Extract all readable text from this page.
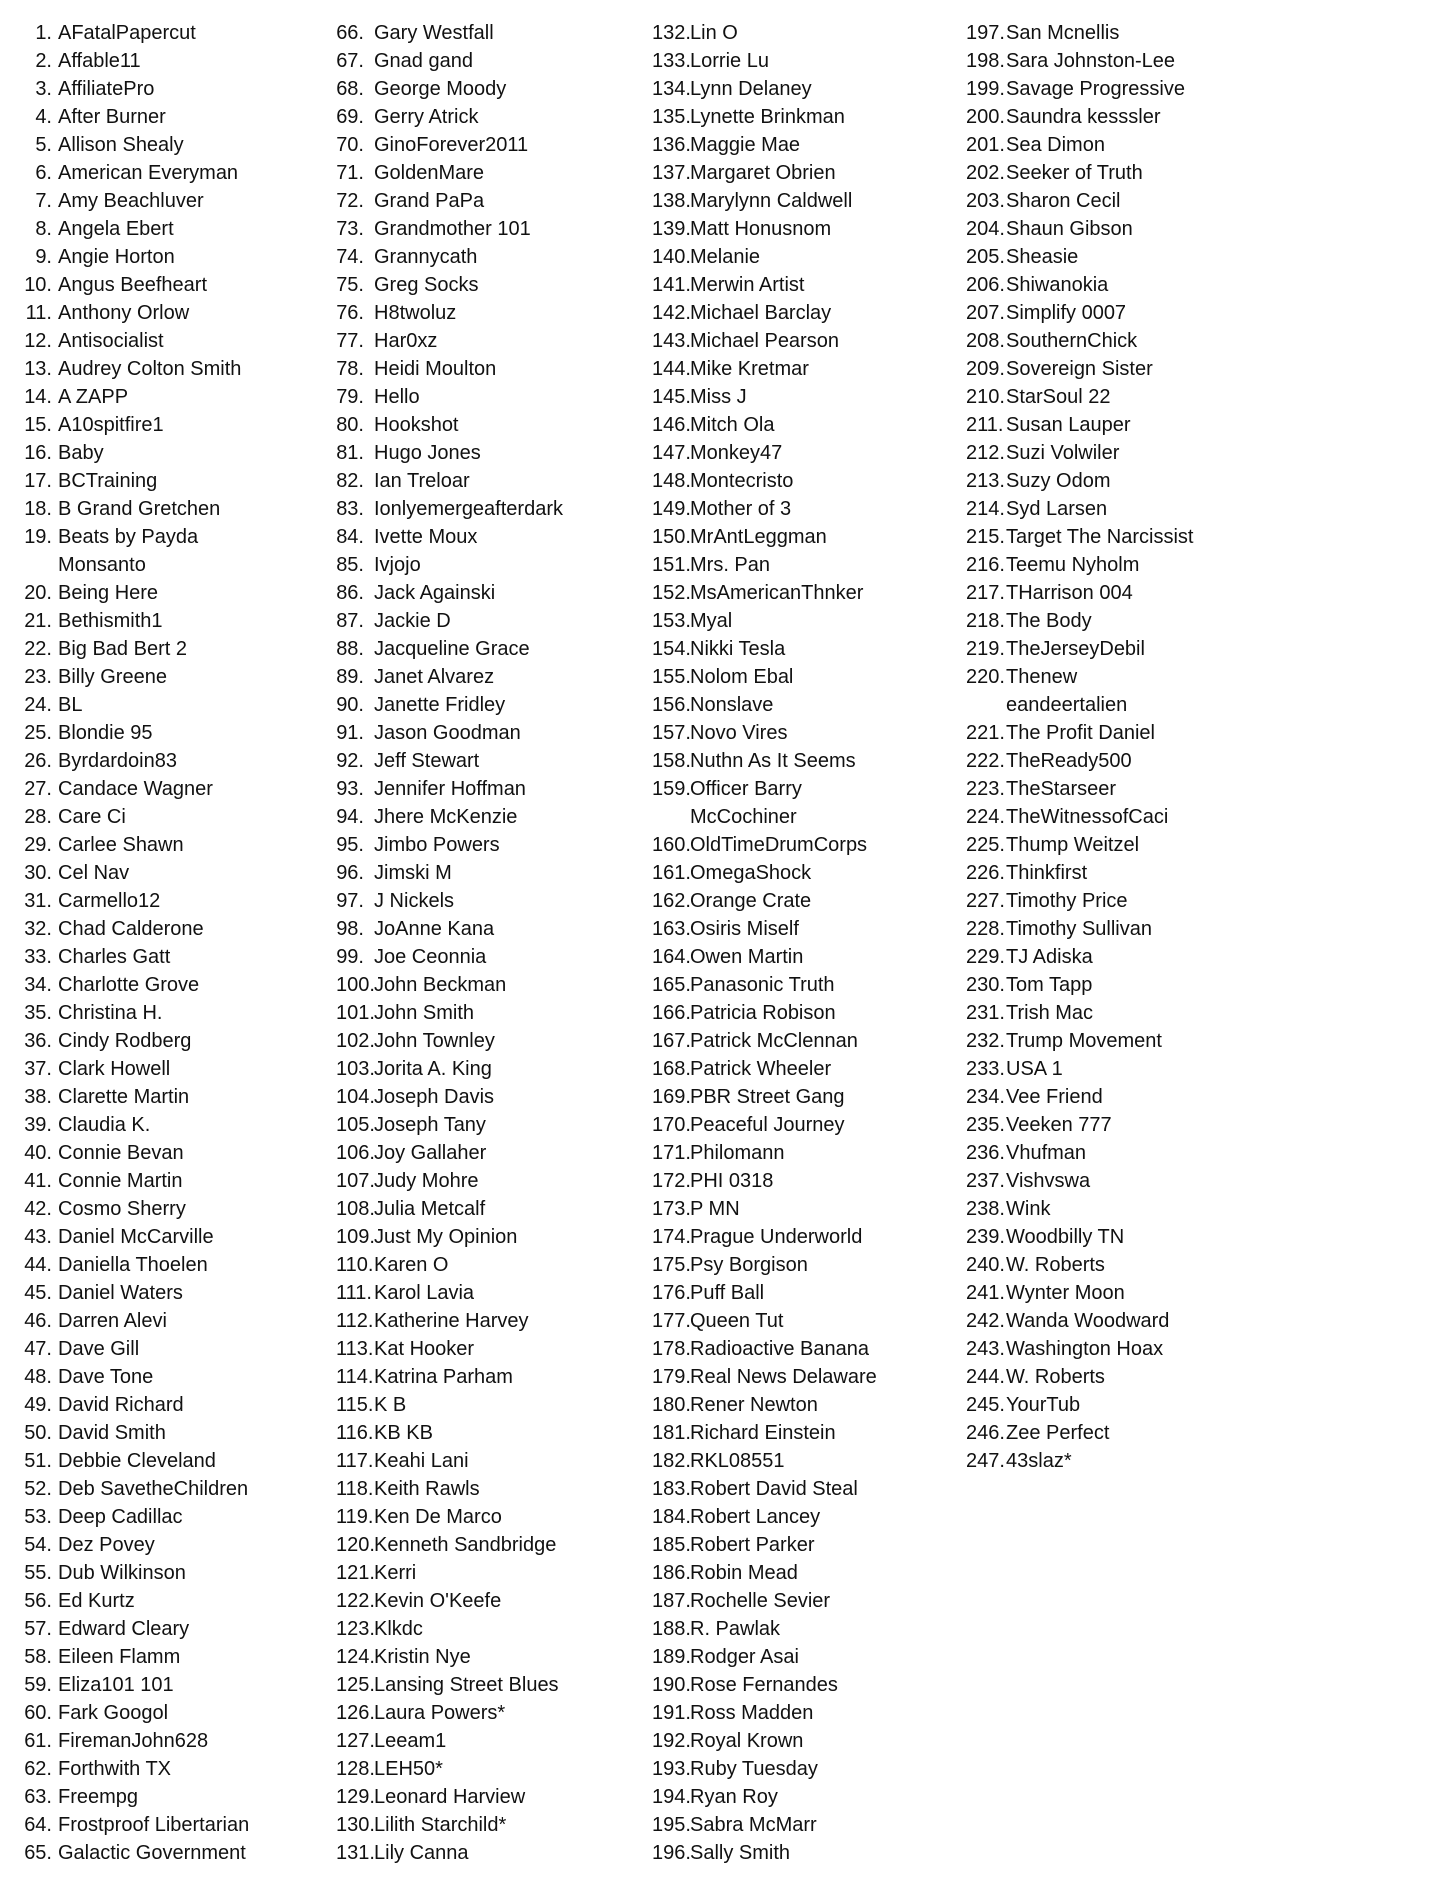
1. AFatalPapercut
2. Affable11
3. AffiliatePro
4. After Burner
5. Allison Shealy
6. American Everyman
7. Amy Beachluver
8. Angela Ebert
9. Angie Horton
10. Angus Beefheart
11. Anthony Orlow
12. Antisocialist
13. Audrey Colton Smith
14. A ZAPP
15. A10spitfire1
16. Baby
17. BCTraining
18. B Grand Gretchen
19. Beats by Payda
Monsanto
20. Being Here
21. Bethismith1
22. Big Bad Bert 2
23. Billy Greene
24. BL
25. Blondie 95
26. Byrdardoin83
27. Candace Wagner
28. Care Ci
29. Carlee Shawn
30. Cel Nav
31. Carmello12
32. Chad Calderone
33. Charles Gatt
34. Charlotte Grove
35. Christina H.
36. Cindy Rodberg
37. Clark Howell
38. Clarette Martin
39. Claudia K.
40. Connie Bevan
41. Connie Martin
42. Cosmo Sherry
43. Daniel McCarville
44. Daniella Thoelen
45. Daniel Waters
46. Darren Alevi
47. Dave Gill
48. Dave Tone
49. David Richard
50. David Smith
51. Debbie Cleveland
52. Deb SavetheChildren
53. Deep Cadillac
54. Dez Povey
55. Dub Wilkinson
56. Ed Kurtz
57. Edward Cleary
58. Eileen Flamm
59. Eliza101 101
60. Fark Googol
61. FiremanJohn628
62. Forthwith TX
63. Freempg
64. Frostproof Libertarian
65. Galactic Government
66. Gary Westfall
67. Gnad gand
68. George Moody
69. Gerry Atrick
70. GinoForever2011
71. GoldenMare
72. Grand PaPa
73. Grandmother 101
74. Grannycath
75. Greg Socks
76. H8twoluz
77. Har0xz
78. Heidi Moulton
79. Hello
80. Hookshot
81. Hugo Jones
82. Ian Treloar
83. Ionlyemergeafterdark
84. Ivette Moux
85. Ivjojo
86. Jack Againski
87. Jackie D
88. Jacqueline Grace
89. Janet Alvarez
90. Janette Fridley
91. Jason Goodman
92. Jeff Stewart
93. Jennifer Hoffman
94. Jhere McKenzie
95. Jimbo Powers
96. Jimski M
97. J Nickels
98. JoAnne Kana
99. Joe Ceonnia
100. John Beckman
101. John Smith
102. John Townley
103. Jorita A. King
104. Joseph Davis
105. Joseph Tany
106. Joy Gallaher
107. Judy Mohre
108. Julia Metcalf
109. Just My Opinion
110. Karen O
111. Karol Lavia
112. Katherine Harvey
113. Kat Hooker
114. Katrina Parham
115. K B
116. KB KB
117. Keahi Lani
118. Keith Rawls
119. Ken De Marco
120. Kenneth Sandbridge
121. Kerri
122. Kevin O'Keefe
123. Klkdc
124. Kristin Nye
125. Lansing Street Blues
126. Laura Powers*
127. Leeam1
128. LEH50*
129. Leonard Harview
130. Lilith Starchild*
131. Lily Canna
132. Lin O
133. Lorrie Lu
134. Lynn Delaney
135. Lynette Brinkman
136. Maggie Mae
137. Margaret Obrien
138. Marylynn Caldwell
139. Matt Honusnom
140. Melanie
141. Merwin Artist
142. Michael Barclay
143. Michael Pearson
144. Mike Kretmar
145. Miss J
146. Mitch Ola
147. Monkey47
148. Montecristo
149. Mother of 3
150. MrAntLeggman
151. Mrs. Pan
152. MsAmericanThnker
153. Myal
154. Nikki Tesla
155. Nolom Ebal
156. Nonslave
157. Novo Vires
158. Nuthn As It Seems
159. Officer Barry
McCochiner
160. OldTimeDrumCorps
161. OmegaShock
162. Orange Crate
163. Osiris Miself
164. Owen Martin
165. Panasonic Truth
166. Patricia Robison
167. Patrick McClennan
168. Patrick Wheeler
169. PBR Street Gang
170. Peaceful Journey
171. Philomann
172. PHI 0318
173. P MN
174. Prague Underworld
175. Psy Borgison
176. Puff Ball
177. Queen Tut
178. Radioactive Banana
179. Real News Delaware
180. Rener Newton
181. Richard Einstein
182. RKL08551
183. Robert David Steal
184. Robert Lancey
185. Robert Parker
186. Robin Mead
187. Rochelle Sevier
188. R. Pawlak
189. Rodger Asai
190. Rose Fernandes
191. Ross Madden
192. Royal Krown
193. Ruby Tuesday
194. Ryan Roy
195. Sabra McMarr
196. Sally Smith
197. San Mcnellis
198. Sara Johnston-Lee
199. Savage Progressive
200. Saundra kesssler
201. Sea Dimon
202. Seeker of Truth
203. Sharon Cecil
204. Shaun Gibson
205. Sheasie
206. Shiwanokia
207. Simplify 0007
208. SouthernChick
209. Sovereign Sister
210. StarSoul 22
211. Susan Lauper
212. Suzi Volwiler
213. Suzy Odom
214. Syd Larsen
215. Target The Narcissist
216. Teemu Nyholm
217. THarrison 004
218. The Body
219. TheJerseyDebil
220. Thenew
eandeertalien
221. The Profit Daniel
222. TheReady500
223. TheStarseer
224. TheWitnessofCaci
225. Thump Weitzel
226. Thinkfirst
227. Timothy Price
228. Timothy Sullivan
229. TJ Adiska
230. Tom Tapp
231. Trish Mac
232. Trump Movement
233. USA 1
234. Vee Friend
235. Veeken 777
236. Vhufman
237. Vishvswa
238. Wink
239. Woodbilly TN
240. W. Roberts
241. Wynter Moon
242. Wanda Woodward
243. Washington Hoax
244. W. Roberts
245. YourTub
246. Zee Perfect
247. 43slaz*
